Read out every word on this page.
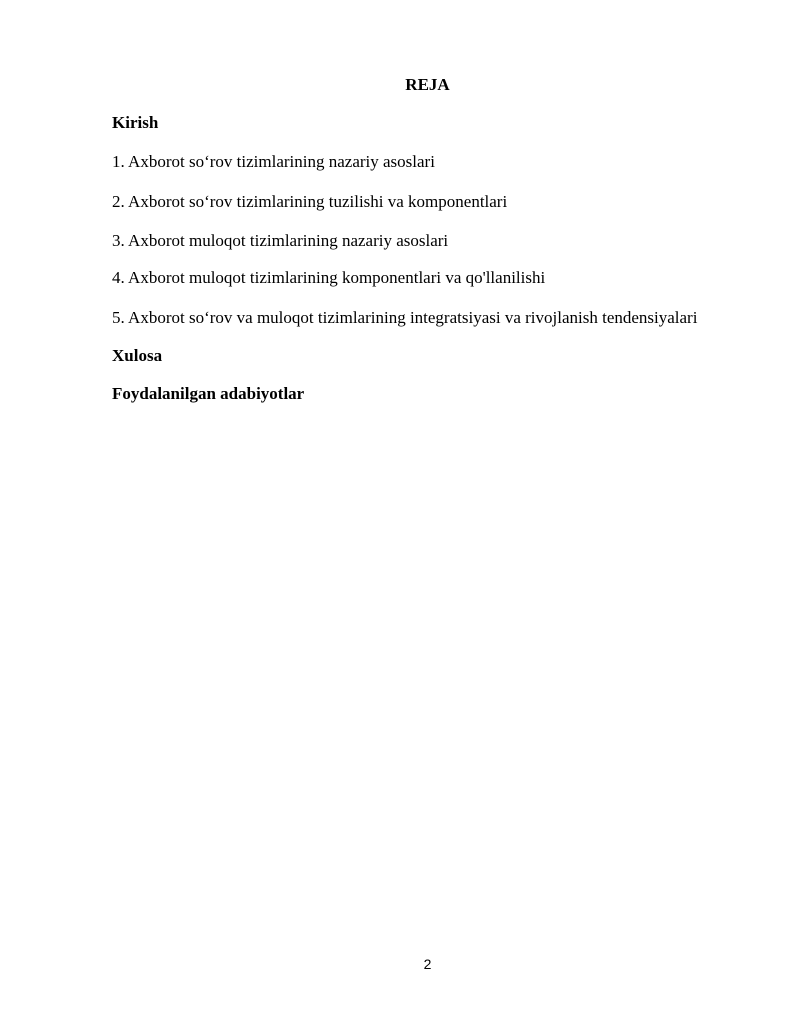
REJA
Kirish
1. Axborot so‘rov tizimlarining nazariy asoslari
2. Axborot so‘rov tizimlarining tuzilishi va komponentlari
3. Axborot muloqot tizimlarining nazariy asoslari
4. Axborot muloqot tizimlarining komponentlari va qo'llanilishi
5. Axborot so‘rov va muloqot tizimlarining integratsiyasi va rivojlanish tendensiyalari
Xulosa
Foydalanilgan adabiyotlar
2
